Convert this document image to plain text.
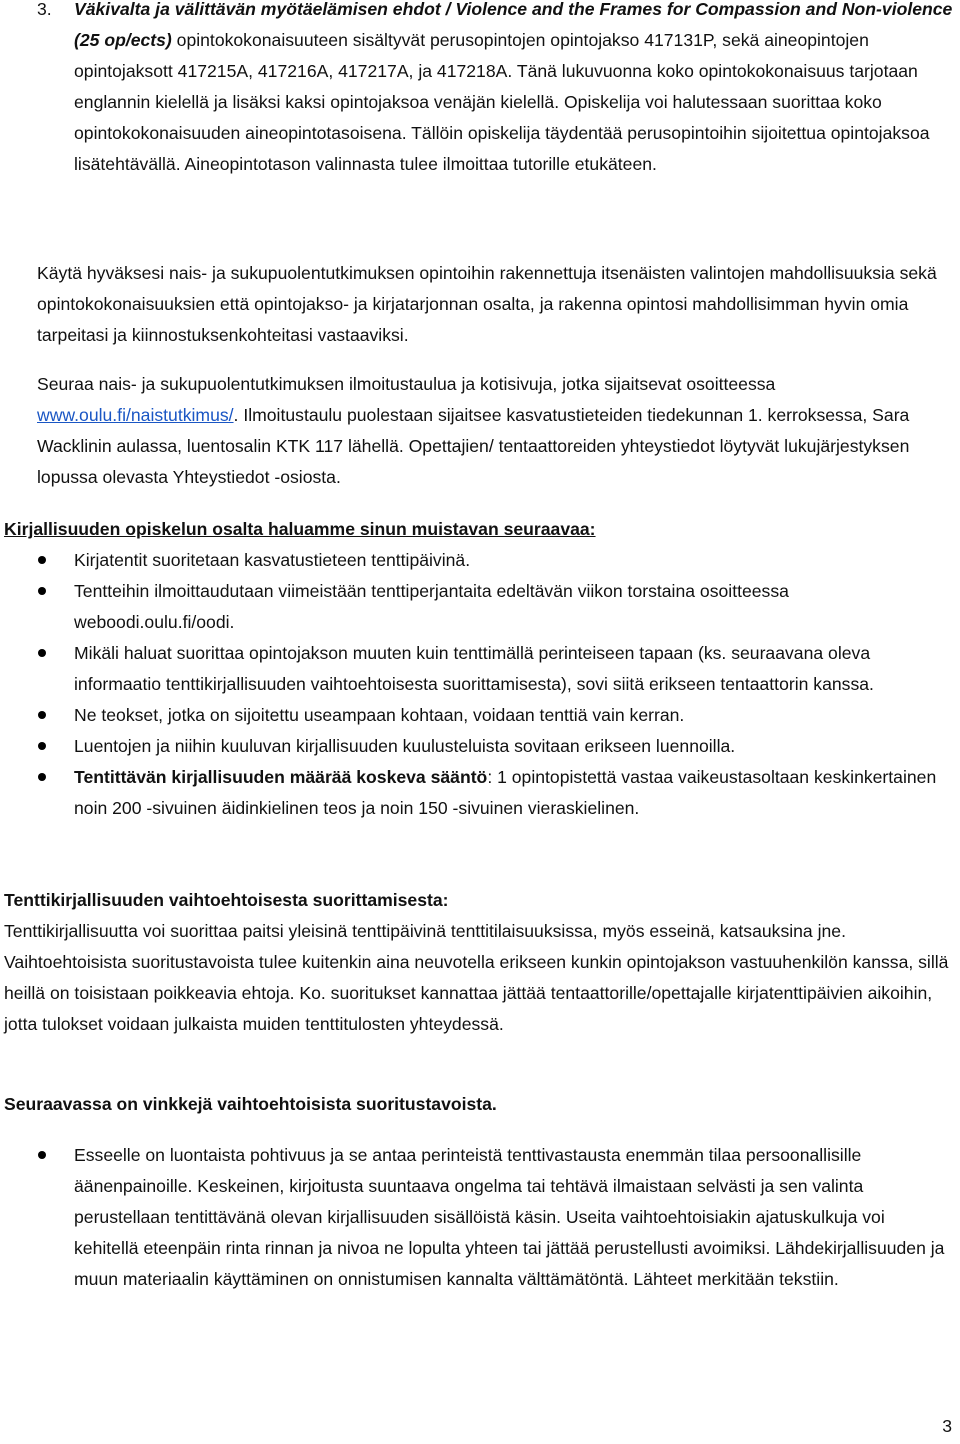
3. Väkivalta ja välittävän myötäelämisen ehdot / Violence and the Frames for Compassion and Non-violence (25 op/ects) opintokokonaisuuteen sisältyvät perusopintojen opintojakso 417131P, sekä aineopintojen opintojaksott 417215A, 417216A, 417217A, ja 417218A. Tänä lukuvuonna koko opintokokonaisuus tarjotaan englannin kielellä ja lisäksi kaksi opintojaksoa venäjän kielellä. Opiskelija voi halutessaan suorittaa koko opintokokonaisuuden aineopintotasoisena. Tällöin opiskelija täydentää perusopintoihin sijoitettua opintojaksoa lisätehtävällä. Aineopintotason valinnasta tulee ilmoittaa tutorille etukäteen.

Käytä hyväksesi nais- ja sukupuolentutkimuksen opintoihin rakennettuja itsenäisten valintojen mahdollisuuksia sekä opintokokonaisuuksien että opintojakso- ja kirjatarjonnan osalta, ja rakenna opintosi mahdollisimman hyvin omia tarpeitasi ja kiinnostuksenkohteitasi vastaaviksi.

Seuraa nais- ja sukupuolentutkimuksen ilmoitustaulua ja kotisivuja, jotka sijaitsevat osoitteessa www.oulu.fi/naistutkimus/. Ilmoitustaulu puolestaan sijaitsee kasvatustieteiden tiedekunnan 1. kerroksessa, Sara Wacklinin aulassa, luentosalin KTK 117 lähellä. Opettajien/ tentaattoreiden yhteystiedot löytyvät lukujärjestyksen lopussa olevasta Yhteystiedot -osiosta.

Kirjallisuuden opiskelun osalta haluamme sinun muistavan seuraavaa:

Kirjatentit suoritetaan kasvatustieteen tenttipäivinä.

Tentteihin ilmoittaudutaan viimeistään tenttiperjantaita edeltävän viikon torstaina osoitteessa weboodi.oulu.fi/oodi.

Mikäli haluat suorittaa opintojakson muuten kuin tenttimällä perinteiseen tapaan (ks. seuraavana oleva informaatio tenttikirjallisuuden vaihtoehtoisesta suorittamisesta), sovi siitä erikseen tentaattorin kanssa.

Ne teokset, jotka on sijoitettu useampaan kohtaan, voidaan tenttiä vain kerran.

Luentojen ja niihin kuuluvan kirjallisuuden kuulusteluista sovitaan erikseen luennoilla.

Tentittävän kirjallisuuden määrää koskeva sääntö: 1 opintopistettä vastaa vaikeustasoltaan keskinkertainen noin 200 -sivuinen äidinkielinen teos ja noin 150 -sivuinen vieraskielinen.

Tenttikirjallisuuden vaihtoehtoisesta suorittamisesta:

Tenttikirjallisuutta voi suorittaa paitsi yleisinä tenttipäivinä tenttitilaisuuksissa, myös esseinä, katsauksina jne. Vaihtoehtoisista suoritustavoista tulee kuitenkin aina neuvotella erikseen kunkin opintojakson vastuuhenkilön kanssa, sillä heillä on toisistaan poikkeavia ehtoja. Ko. suoritukset kannattaa jättää tentaattorille/opettajalle kirjatenttipäivien aikoihin, jotta tulokset voidaan julkaista muiden tenttitulosten yhteydessä.

Seuraavassa on vinkkejä vaihtoehtoisista suoritustavoista.

Esseelle on luontaista pohtivuus ja se antaa perinteistä tenttivastausta enemmän tilaa persoonallisille äänenpainoille. Keskeinen, kirjoitusta suuntaava ongelma tai tehtävä ilmaistaan selvästi ja sen valinta perustellaan tentittävänä olevan kirjallisuuden sisällöistä käsin. Useita vaihtoehtoisiakin ajatuskulkuja voi kehitellä eteenpäin rinta rinnan ja nivoa ne lopulta yhteen tai jättää perustellusti avoimiksi. Lähdekirjallisuuden ja muun materiaalin käyttäminen on onnistumisen kannalta välttämätöntä. Lähteet merkitään tekstiin.

3
